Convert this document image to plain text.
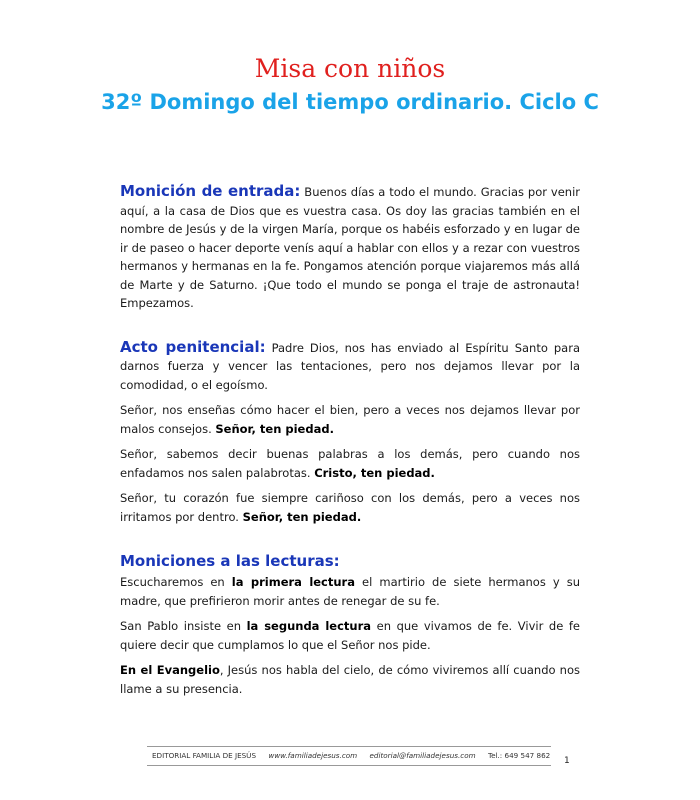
Misa con niños
32º Domingo del tiempo ordinario. Ciclo C

Monición de entrada: Buenos días a todo el mundo. Gracias por venir aquí, a la casa de Dios que es vuestra casa. Os doy las gracias también en el nombre de Jesús y de la virgen María, porque os habéis esforzado y en lugar de ir de paseo o hacer deporte venís aquí a hablar con ellos y a rezar con vuestros hermanos y hermanas en la fe. Pongamos atención porque viajaremos más allá de Marte y de Saturno. ¡Que todo el mundo se ponga el traje de astronauta! Empezamos.

Acto penitencial: Padre Dios, nos has enviado al Espíritu Santo para darnos fuerza y vencer las tentaciones, pero nos dejamos llevar por la comodidad, o el egoísmo.

Señor, nos enseñas cómo hacer el bien, pero a veces nos dejamos llevar por malos consejos. Señor, ten piedad.

Señor, sabemos decir buenas palabras a los demás, pero cuando nos enfadamos nos salen palabrotas. Cristo, ten piedad.

Señor, tu corazón fue siempre cariñoso con los demás, pero a veces nos irritamos por dentro. Señor, ten piedad.

Moniciones a las lecturas:

Escucharemos en la primera lectura el martirio de siete hermanos y su madre, que prefirieron morir antes de renegar de su fe.

San Pablo insiste en la segunda lectura en que vivamos de fe. Vivir de fe quiere decir que cumplamos lo que el Señor nos pide.

En el Evangelio, Jesús nos habla del cielo, de cómo viviremos allí cuando nos llame a su presencia.

EDITORIAL FAMILIA DE JESÚS www.familiadejesus.com editorial@familiadejesus.com Tel.: 649 547 862
1
